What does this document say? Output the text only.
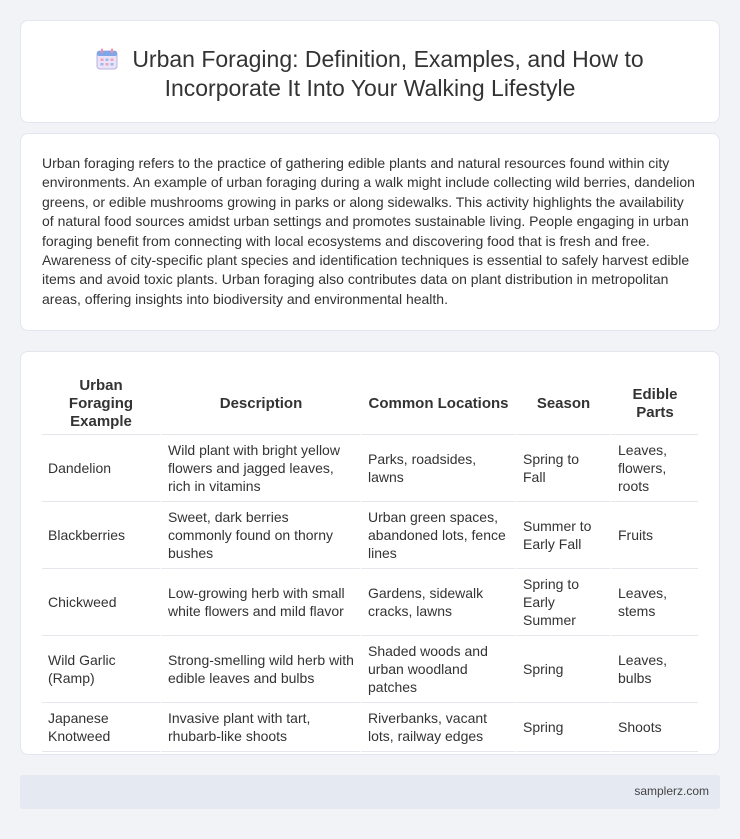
Urban Foraging: Definition, Examples, and How to Incorporate It Into Your Walking Lifestyle

Urban foraging refers to the practice of gathering edible plants and natural resources found within city environments. An example of urban foraging during a walk might include collecting wild berries, dandelion greens, or edible mushrooms growing in parks or along sidewalks. This activity highlights the availability of natural food sources amidst urban settings and promotes sustainable living. People engaging in urban foraging benefit from connecting with local ecosystems and discovering food that is fresh and free. Awareness of city-specific plant species and identification techniques is essential to safely harvest edible items and avoid toxic plants. Urban foraging also contributes data on plant distribution in metropolitan areas, offering insights into biodiversity and environmental health.

Urban Foraging Example	Description	Common Locations	Season	Edible Parts
Dandelion	Wild plant with bright yellow flowers and jagged leaves, rich in vitamins	Parks, roadsides, lawns	Spring to Fall	Leaves, flowers, roots
Blackberries	Sweet, dark berries commonly found on thorny bushes	Urban green spaces, abandoned lots, fence lines	Summer to Early Fall	Fruits
Chickweed	Low-growing herb with small white flowers and mild flavor	Gardens, sidewalk cracks, lawns	Spring to Early Summer	Leaves, stems
Wild Garlic (Ramp)	Strong-smelling wild herb with edible leaves and bulbs	Shaded woods and urban woodland patches	Spring	Leaves, bulbs
Japanese Knotweed	Invasive plant with tart, rhubarb-like shoots	Riverbanks, vacant lots, railway edges	Spring	Shoots
samplerz.com
